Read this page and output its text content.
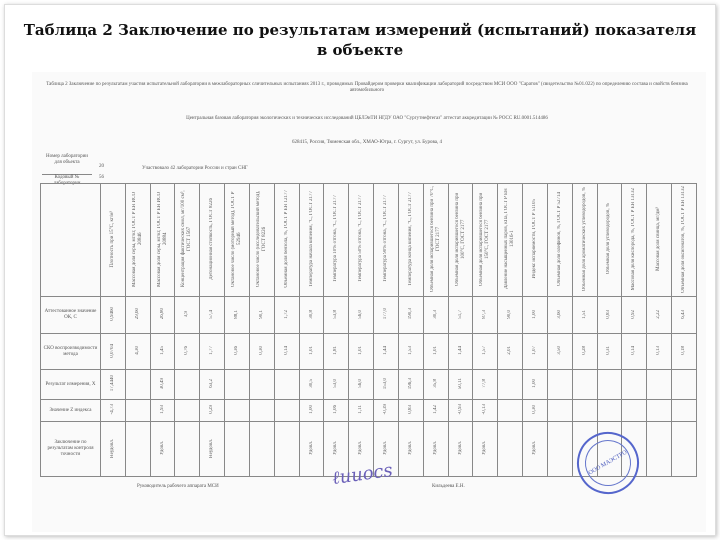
Таблица 2 Заключение по результатам измерений (испытаний) показателя в объекте
Таблица 2 Заключение по результатам участия испытательной лаборатории в межлабораторных сличительных испытаниях 2013 г., проводимых Провайдером проверки квалификации лабораторий посредством МСИ ООО "Саратов" (свидетельство №01.022) по определению состава и свойств бензина автомобильного
Центральная базовая лаборатория экологических и технических исследований ЦБЛЭиТИ НГДУ ОАО "Сургутнефтегаз" аттестат аккредитации № РОСС RU.0001.514486
628415, Россия, Тюменская обл., ХМАО-Югра, г. Сургут, ул. Бурова, 4
Номер лаборатории для объекта
20
Кодовый № лаборатории
56
Участвовало 42 лаборатории России и стран СНГ
	Плотность при 15°С, кг/м³	Массовая доля серы, мг/кг, ГОСТ Р ЕН ИСО 20846	Массовая доля серы, мг/кг, ГОСТ Р ЕН ИСО 20884	Концентрация фактических смол, мг/100 см³, ГОСТ 1567	Детонационная стойкость, ГОСТ 8226	Октановое число (моторный метод), ГОСТ Р 52946	Октановое число (исследовательский метод), ГОСТ 8226	Объемная доля бензола, %, ГОСТ Р ЕН 12177	Температура начала кипения, °С, ГОСТ 2177	Температура 10% отгона, °С, ГОСТ 2177	Температура 50% отгона, °С, ГОСТ 2177	Температура 90% отгона, °С, ГОСТ 2177	Температура конца кипения, °С, ГОСТ 2177	Объемная доля испарившегося бензина при 70°С, ГОСТ 2177	Объемная доля испарившегося бензина при 100°С, ГОСТ 2177	Объемная доля испарившегося бензина при 150°С, ГОСТ 2177	Давление насыщенных паров, кПа, ГОСТ Р ЕН 13016-1	Индекс испаряемости, ГОСТ Р 51105	Объемная доля олефинов, %, ГОСТ Р 52714	Объемная доля ароматических углеводородов, %	Объемная доля углеводородов, %	Массовая доля кислорода, %, ГОСТ Р ЕН 13132	Массовая доля свинца, мг/дм³	Объемная доля оксигенатов, %, ГОСТ Р ЕН 13132
Аттестованное значение ОК, С	0,9460	29,60	26,80	3,9	57,4	88,1	90,1	1,72	30,8	53,8	56,0	177,0	190,3	30,3	51,7	87,3	90,0	1,00	3,60	1,51	0,83	0,92	2,22	6,43
СКО воспроизводимости метода	0,0704	4,30	1,45	0,76	1,77	0,36	0,30	0,14	1,01	1,81	1,01	1,44	1,53	1,01	1,44	1,57	2,01	1,07	3,50	0,28	0,31	0,14	0,13	0,18
Результат измерения, Х	17,4440		30,49		63,2				30,5	53,0	56,0	153,0	196,3	35,8	50,11	77,8		1,00						
Значение Z индекса	-4,73		1,93		0,29				1,00	1,06	1,11	-0,39	0,83	1,42	-0,93	-0,13		0,30						
Заключение по результатам контроля точности	Неудовл.		Удовл.		Неудовл.				Удовл.	Удовл.	Удовл.	Удовл.	Удовл.	Удовл.	Удовл.	Удовл.		Удовл.						
Руководитель рабочего аппарата МСИ	ℓuuocs	Кильдеева Е.Н.
ООО МАЭСТРО
